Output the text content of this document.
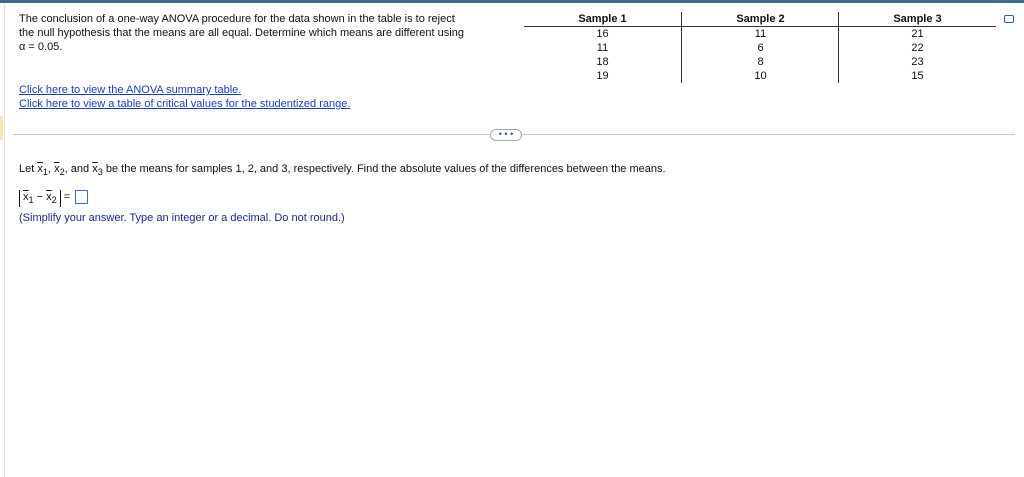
The conclusion of a one-way ANOVA procedure for the data shown in the table is to reject
the null hypothesis that the means are all equal. Determine which means are different using
α = 0.05.
Click here to view the ANOVA summary table.
Click here to view a table of critical values for the studentized range.
Sample 1
16
11
18
19
Sample 2
11
6
8
10
Sample 3
21
22
23
15
• • •
Let $\overline{x}_1$, $\overline{x}_2$, and $\overline{x}_3$ be the means for samples 1, 2, and 3, respectively. Find the absolute values of the differences between the means.
$\overline{x}_1 - \overline{x}_2$ =
(Simplify your answer. Type an integer or a decimal. Do not round.)
